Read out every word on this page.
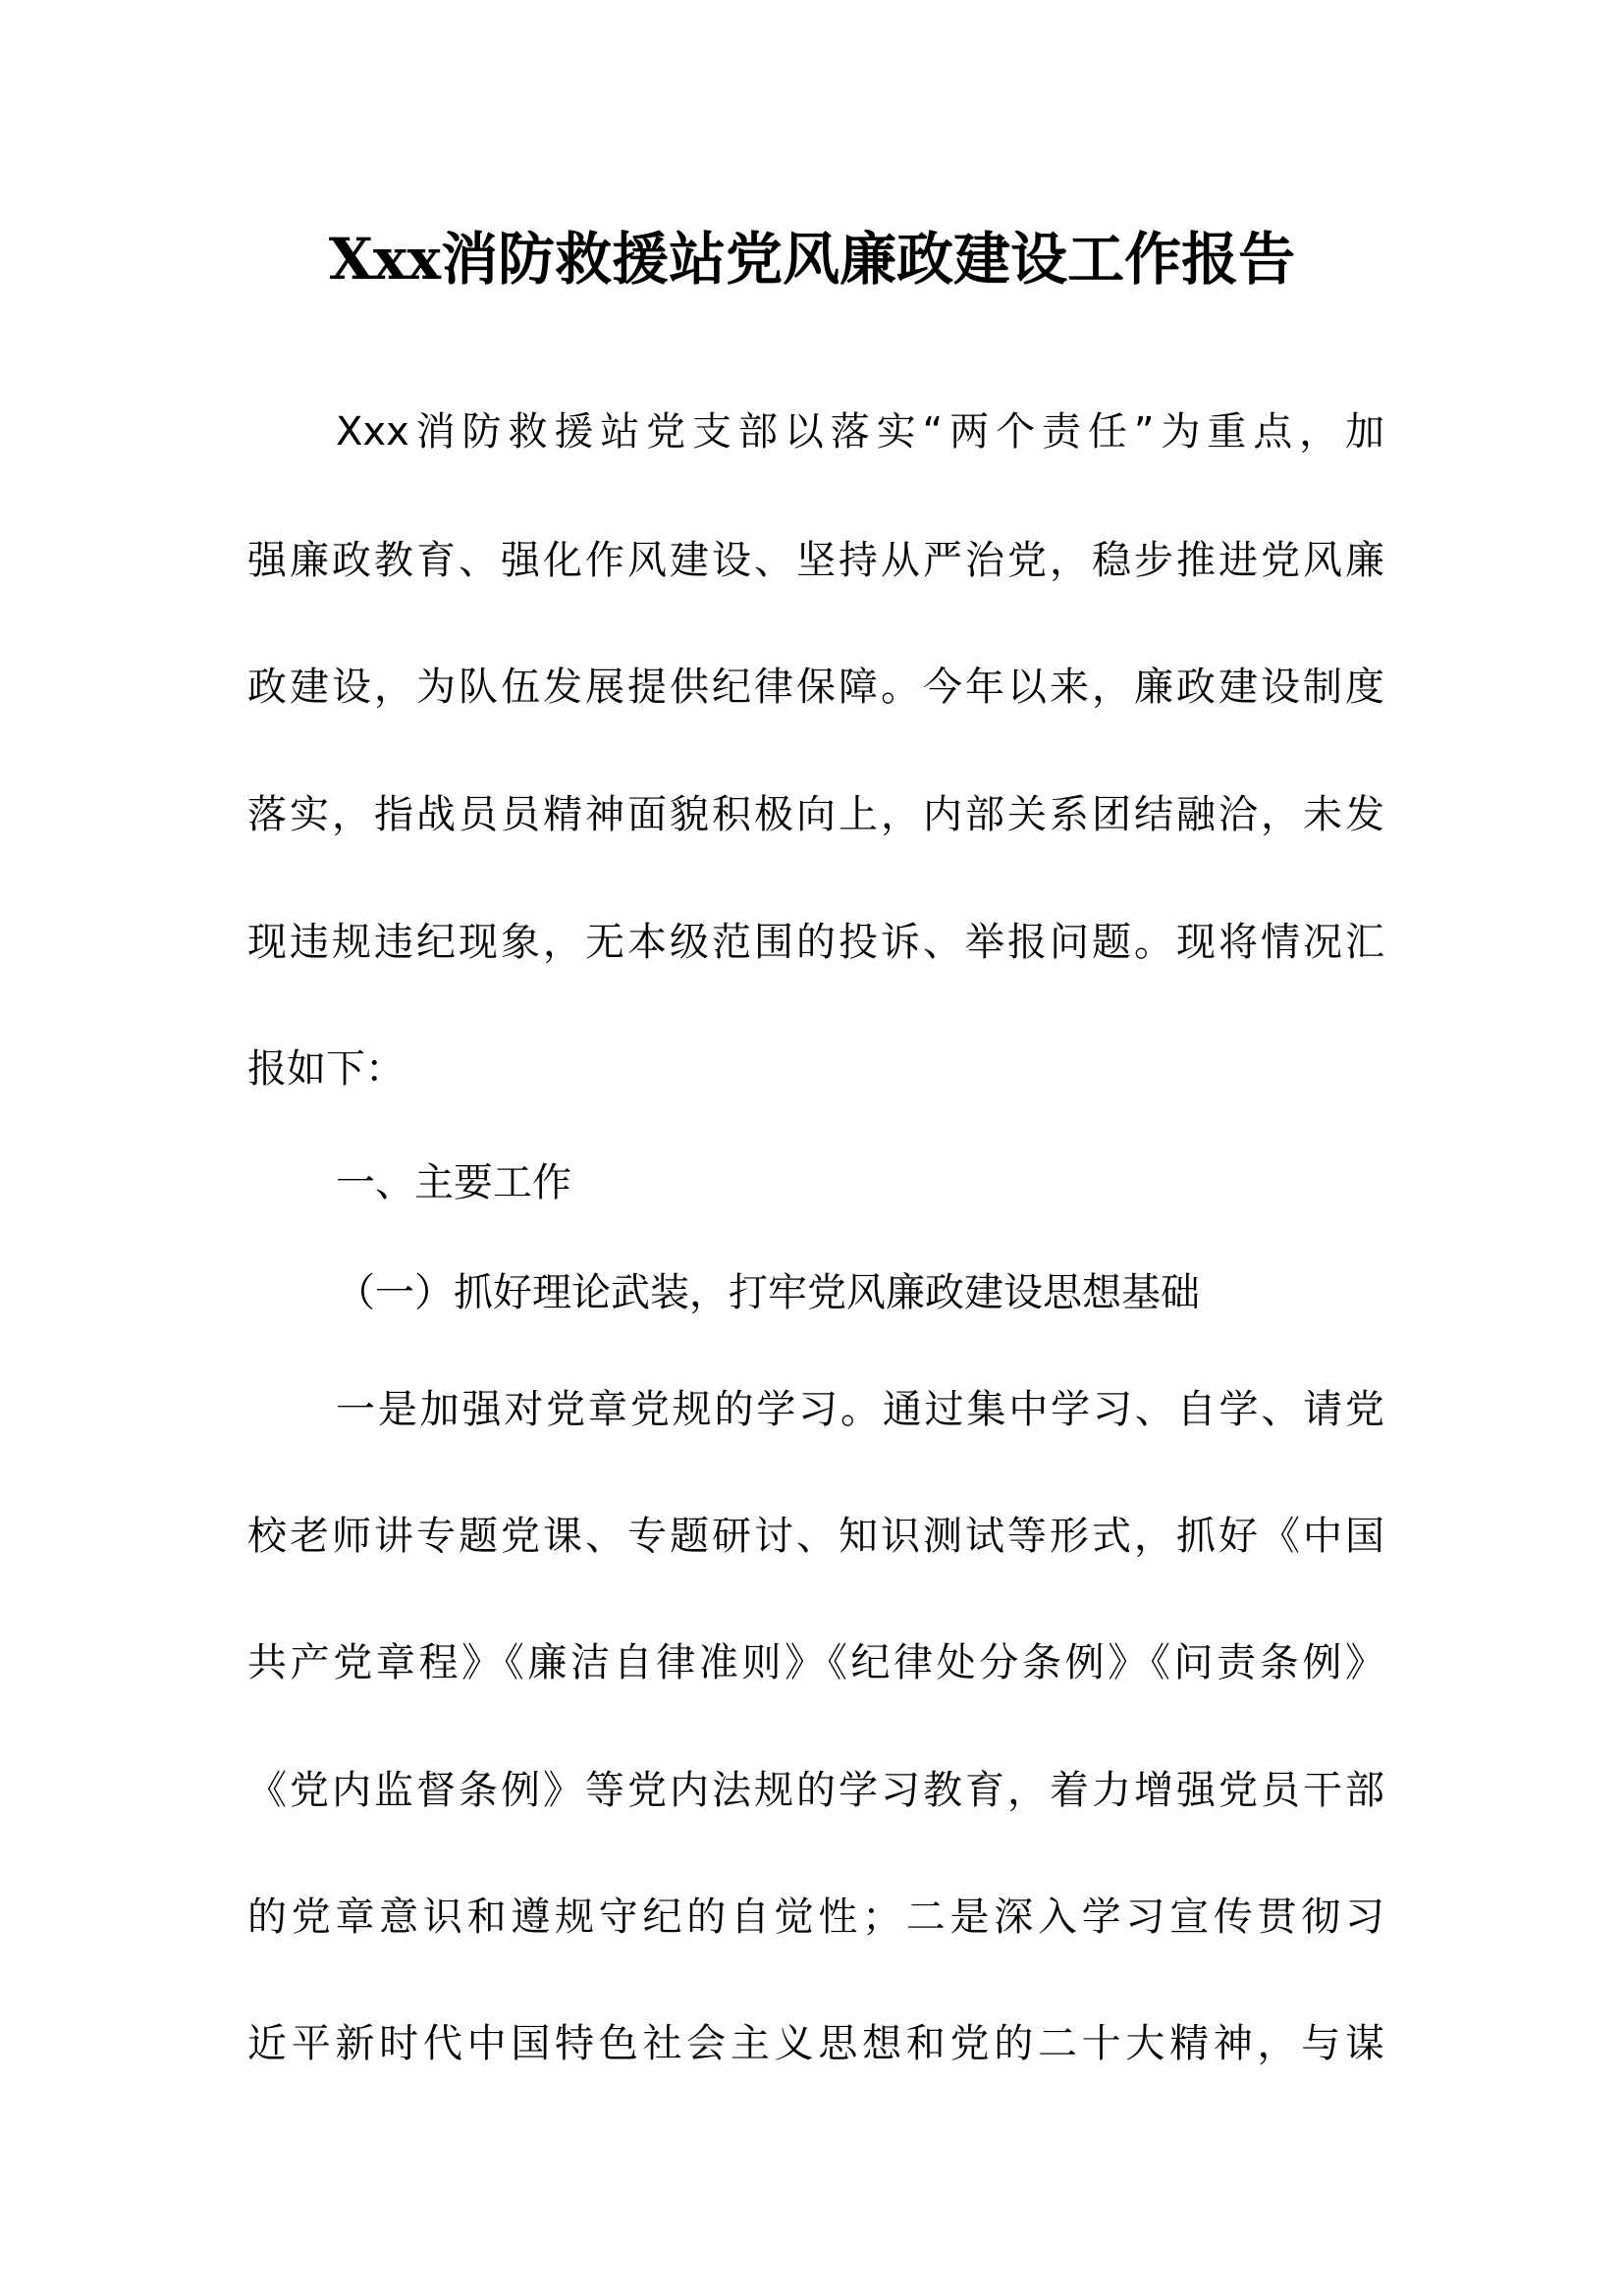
Xxx消防救援站党风廉政建设工作报告
Xxx消防救援站党支部以落实“两个责任”为重点，加
强廉政教育、强化作风建设、坚持从严治党，稳步推进党风廉
政建设，为队伍发展提供纪律保障。今年以来，廉政建设制度
落实，指战员员精神面貌积极向上，内部关系团结融洽，未发
现违规违纪现象，无本级范围的投诉、举报问题。现将情况汇
报如下：
一、主要工作
（一）抓好理论武装，打牢党风廉政建设思想基础
一是加强对党章党规的学习。通过集中学习、自学、请党
校老师讲专题党课、专题研讨、知识测试等形式，抓好《中国
共产党章程》《廉洁自律准则》《纪律处分条例》《问责条例》
《党内监督条例》等党内法规的学习教育，着力增强党员干部
的党章意识和遵规守纪的自觉性；二是深入学习宣传贯彻习
近平新时代中国特色社会主义思想和党的二十大精神，与谋
